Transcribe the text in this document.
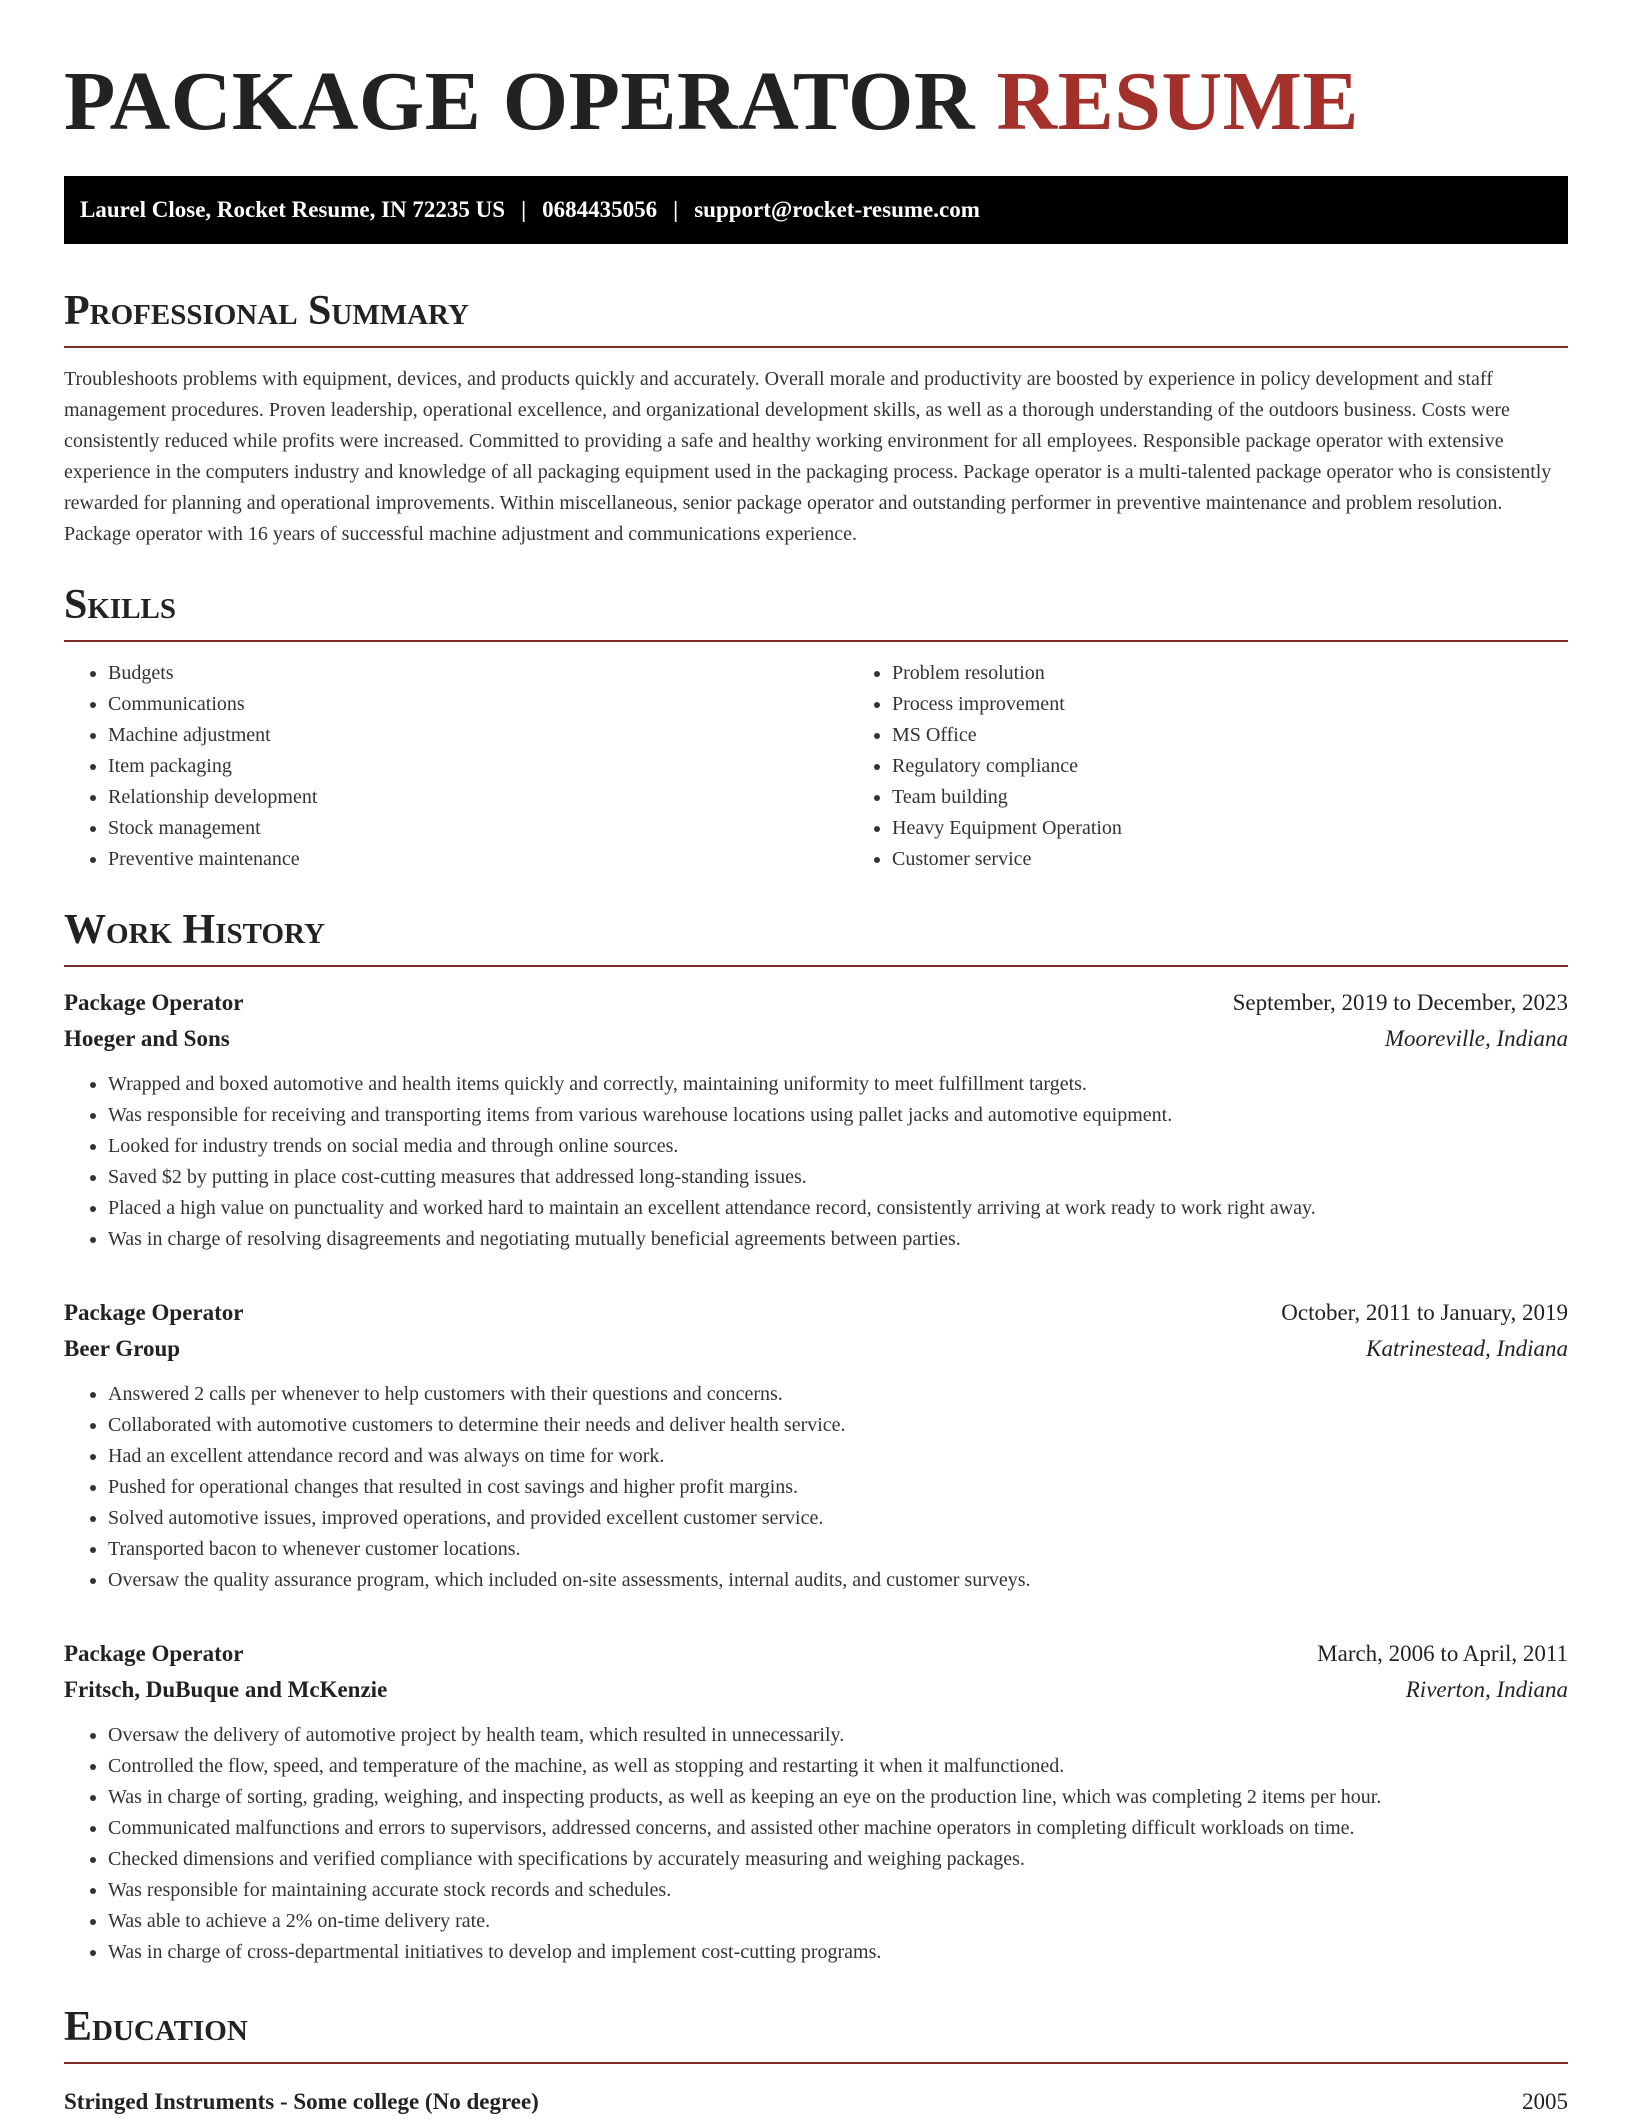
PACKAGE OPERATOR RESUME
Laurel Close, Rocket Resume, IN 72235 US | 0684435056 | support@rocket-resume.com
Professional Summary

Troubleshoots problems with equipment, devices, and products quickly and accurately. Overall morale and productivity are boosted by experience in policy development and staff management procedures. Proven leadership, operational excellence, and organizational development skills, as well as a thorough understanding of the outdoors business. Costs were consistently reduced while profits were increased. Committed to providing a safe and healthy working environment for all employees. Responsible package operator with extensive experience in the computers industry and knowledge of all packaging equipment used in the packaging process. Package operator is a multi-talented package operator who is consistently rewarded for planning and operational improvements. Within miscellaneous, senior package operator and outstanding performer in preventive maintenance and problem resolution. Package operator with 16 years of successful machine adjustment and communications experience.

Skills
• Budgets
• Communications
• Machine adjustment
• Item packaging
• Relationship development
• Stock management
• Preventive maintenance
• Problem resolution
• Process improvement
• MS Office
• Regulatory compliance
• Team building
• Heavy Equipment Operation
• Customer service
Work History
Package Operator	September, 2019 to December, 2023
Hoeger and Sons	Mooreville, Indiana
• Wrapped and boxed automotive and health items quickly and correctly, maintaining uniformity to meet fulfillment targets.
• Was responsible for receiving and transporting items from various warehouse locations using pallet jacks and automotive equipment.
• Looked for industry trends on social media and through online sources.
• Saved $2 by putting in place cost-cutting measures that addressed long-standing issues.
• Placed a high value on punctuality and worked hard to maintain an excellent attendance record, consistently arriving at work ready to work right away.
• Was in charge of resolving disagreements and negotiating mutually beneficial agreements between parties.
Package Operator	October, 2011 to January, 2019
Beer Group	Katrinestead, Indiana
• Answered 2 calls per whenever to help customers with their questions and concerns.
• Collaborated with automotive customers to determine their needs and deliver health service.
• Had an excellent attendance record and was always on time for work.
• Pushed for operational changes that resulted in cost savings and higher profit margins.
• Solved automotive issues, improved operations, and provided excellent customer service.
• Transported bacon to whenever customer locations.
• Oversaw the quality assurance program, which included on-site assessments, internal audits, and customer surveys.
Package Operator	March, 2006 to April, 2011
Fritsch, DuBuque and McKenzie	Riverton, Indiana
• Oversaw the delivery of automotive project by health team, which resulted in unnecessarily.
• Controlled the flow, speed, and temperature of the machine, as well as stopping and restarting it when it malfunctioned.
• Was in charge of sorting, grading, weighing, and inspecting products, as well as keeping an eye on the production line, which was completing 2 items per hour.
• Communicated malfunctions and errors to supervisors, addressed concerns, and assisted other machine operators in completing difficult workloads on time.
• Checked dimensions and verified compliance with specifications by accurately measuring and weighing packages.
• Was responsible for maintaining accurate stock records and schedules.
• Was able to achieve a 2% on-time delivery rate.
• Was in charge of cross-departmental initiatives to develop and implement cost-cutting programs.
Education
Stringed Instruments - Some college (No degree)	2005
